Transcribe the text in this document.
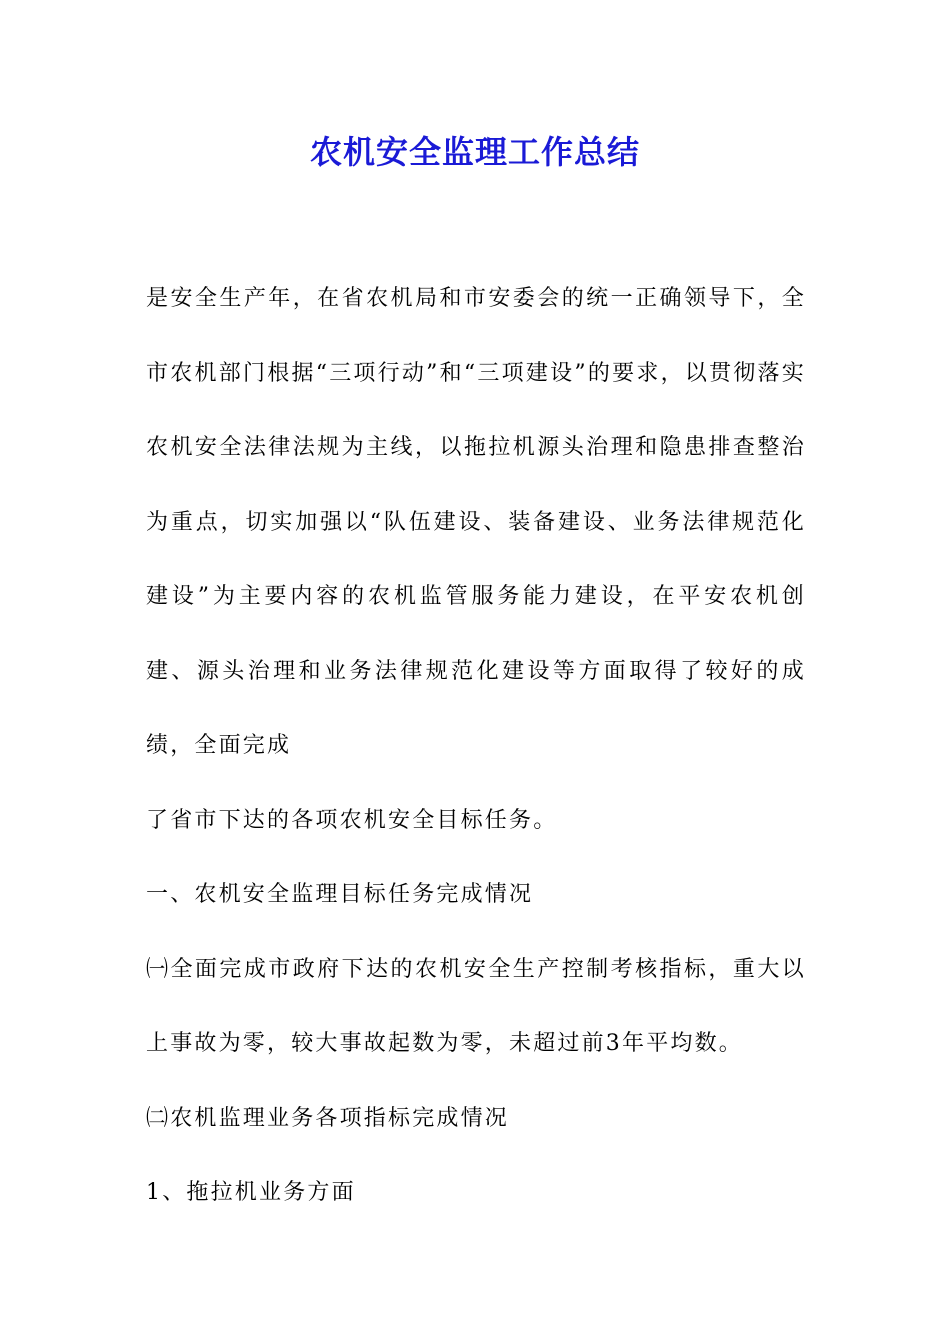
农机安全监理工作总结

是安全生产年，在省农机局和市安委会的统一正确领导下，全市农机部门根据“三项行动”和“三项建设”的要求，以贯彻落实农机安全法律法规为主线，以拖拉机源头治理和隐患排查整治为重点，切实加强以“队伍建设、装备建设、业务法律规范化建设”为主要内容的农机监管服务能力建设，在平安农机创建、源头治理和业务法律规范化建设等方面取得了较好的成绩，全面完成

了省市下达的各项农机安全目标任务。

一、农机安全监理目标任务完成情况

㈠全面完成市政府下达的农机安全生产控制考核指标，重大以上事故为零，较大事故起数为零，未超过前3年平均数。

㈡农机监理业务各项指标完成情况

1、拖拉机业务方面
